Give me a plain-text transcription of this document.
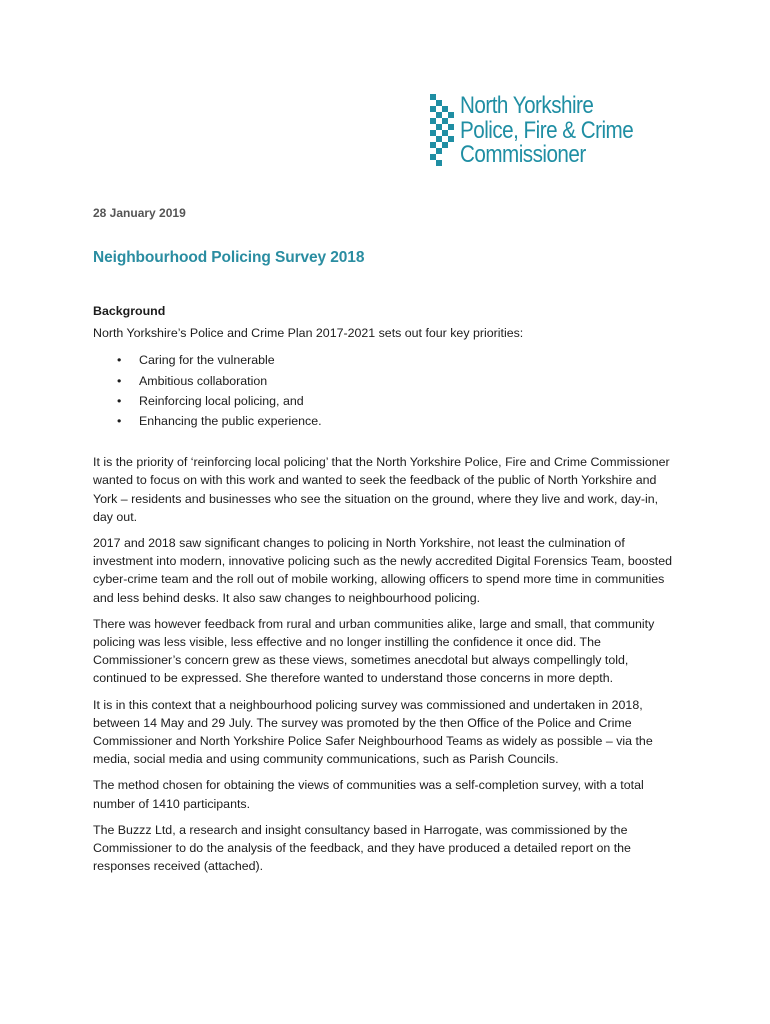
North Yorkshire
Police, Fire & Crime
Commissioner
28 January 2019
Neighbourhood Policing Survey 2018
Background
North Yorkshire’s Police and Crime Plan 2017-2021 sets out four key priorities:
• Caring for the vulnerable
• Ambitious collaboration
• Reinforcing local policing, and
• Enhancing the public experience.

It is the priority of ‘reinforcing local policing’ that the North Yorkshire Police, Fire and Crime Commissioner wanted to focus on with this work and wanted to seek the feedback of the public of North Yorkshire and York – residents and businesses who see the situation on the ground, where they live and work, day-in, day out.

2017 and 2018 saw significant changes to policing in North Yorkshire, not least the culmination of investment into modern, innovative policing such as the newly accredited Digital Forensics Team, boosted cyber-crime team and the roll out of mobile working, allowing officers to spend more time in communities and less behind desks. It also saw changes to neighbourhood policing.

There was however feedback from rural and urban communities alike, large and small, that community policing was less visible, less effective and no longer instilling the confidence it once did. The Commissioner’s concern grew as these views, sometimes anecdotal but always compellingly told, continued to be expressed. She therefore wanted to understand those concerns in more depth.

It is in this context that a neighbourhood policing survey was commissioned and undertaken in 2018, between 14 May and 29 July. The survey was promoted by the then Office of the Police and Crime Commissioner and North Yorkshire Police Safer Neighbourhood Teams as widely as possible – via the media, social media and using community communications, such as Parish Councils.

The method chosen for obtaining the views of communities was a self-completion survey, with a total number of 1410 participants.

The Buzzz Ltd, a research and insight consultancy based in Harrogate, was commissioned by the Commissioner to do the analysis of the feedback, and they have produced a detailed report on the responses received (attached).
